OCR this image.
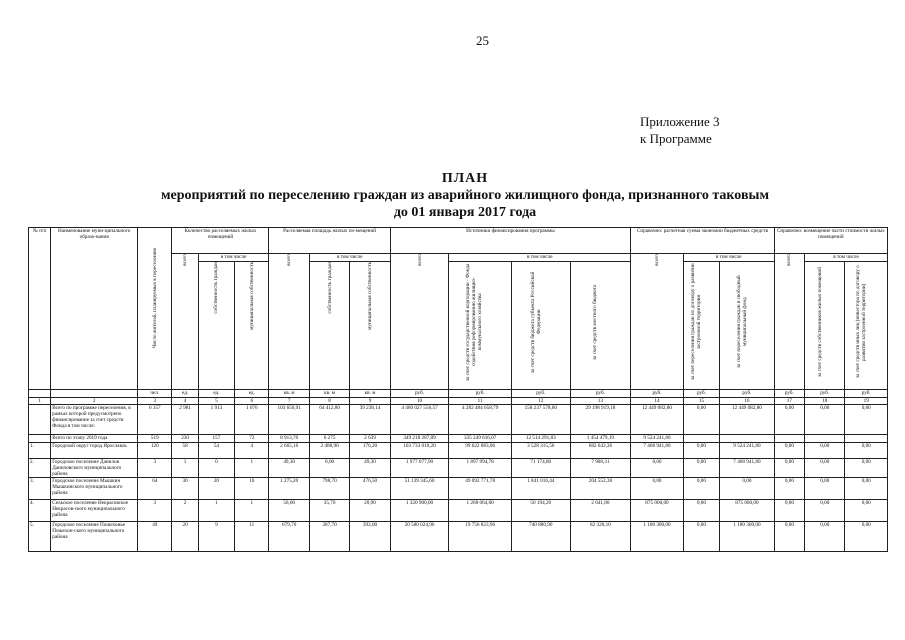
25
Приложение 3
к Программе
ПЛАН
мероприятий по переселению граждан из аварийного жилищного фонда, признанного таковым
до 01 января 2017 года
№ п/п	Наименование муни-ципального образо-вания	Число жителей, планируемых к переселению	Количество расселяемых жилых помещений			Расселяемая площадь жилых по-мещений			Источники финансирования программы				Справочно: расчетная сумма экономии бюджетных средств			Справочно: возмещение части стоимости жилых помещений		

			всего	в том числе		всего	в том числе		всего	в том числе			всего	в том числе		всего	в том числе	

				собственность граждан	муниципальная собственность		собственность граждан	муниципальная собственность		за счет средств государственной корпорации - Фонда содействия реформированию жилищно-коммунального хозяйства	за счет средств бюджета субъекта Российской Федерации	за счет средств местного бюджета		за счет переселения граждан по договору о развитии застроенной территории	за счет переселения граждан в свободный муниципальный фонд		за счет средств собственников жилых помещений	за счет средств иных лиц (инвестора по договору о развитии застроенной территории)

		чел.	ед.	ед.	ед.	кв. м	кв. м	кв. м	руб.	руб.	руб.	руб.	руб.	руб.	руб.	руб.	руб.	руб.
1	2	3	4	5	6	7	8	9	10	11	12	13	14	15	16	17	18	19
	Всего по программе переселения, в рамках которой предусмотрено финансирование за счет средств Фонда в том числе:	6 357	2 981	1 913	1 076	103 650,91	64 412,80	39 238,14	4 460 027 556,57	4 282 484 658,79	158 237 578,60	29 198 919,18	12 449 082,80	0,00	12 449 082,80	0,00	0,00	0,00
	Всего по этапу 2019 года	519	230	157	73	8 913,70	6 275	2 639	349 218 287,89	335 249 616,07	12 514 291,83	1 454 479,19	9 524 241,80					
1.	Городской округ город Ярославль	120	58	54	4	2 665,16	2 488,90	176,20	103 733 010,20	99 622 083,06	3 528 315,56	682 643,36	7 468 941,80	0,00	9 524 241,80	0,00	0,00	0,00
2.	Городское поселение Данилов Даниловского муниципального района	3	1	0	1	49,30	0,00	49,30	1 977 077,90	1 897 994,78	71 174,80	7 908,31	0,00	0,00	7 468 941,80	0,00	0,00	0,00
3.	Городское поселение Мышкин Мышкинского муниципального района	64	30	20	10	1 275,20	798,70	476,50	51 139 345,60	49 092 771,78	1 841 016,44	204 552,38	0,00	0,00	0,00	0,00	0,00	0,00
4.	Сельское поселение Некрасовское Некрасов-ского муниципального района	3	2	1	1	56,60	35,70	20,90	1 320 900,00	1 268 064,00	50 194,20	2 641,80	875 000,00	0,00	875 000,00	0,00	0,00	0,00
5.	Городское поселение Пошехонье Пошехон-ского муниципального района	49	20	9	11	679,70	287,70	392,00	20 580 024,96	19 756 823,96	740 880,90	82 320,10	1 180 300,00	0,00	1 180 300,00	0,00	0,00	0,00
